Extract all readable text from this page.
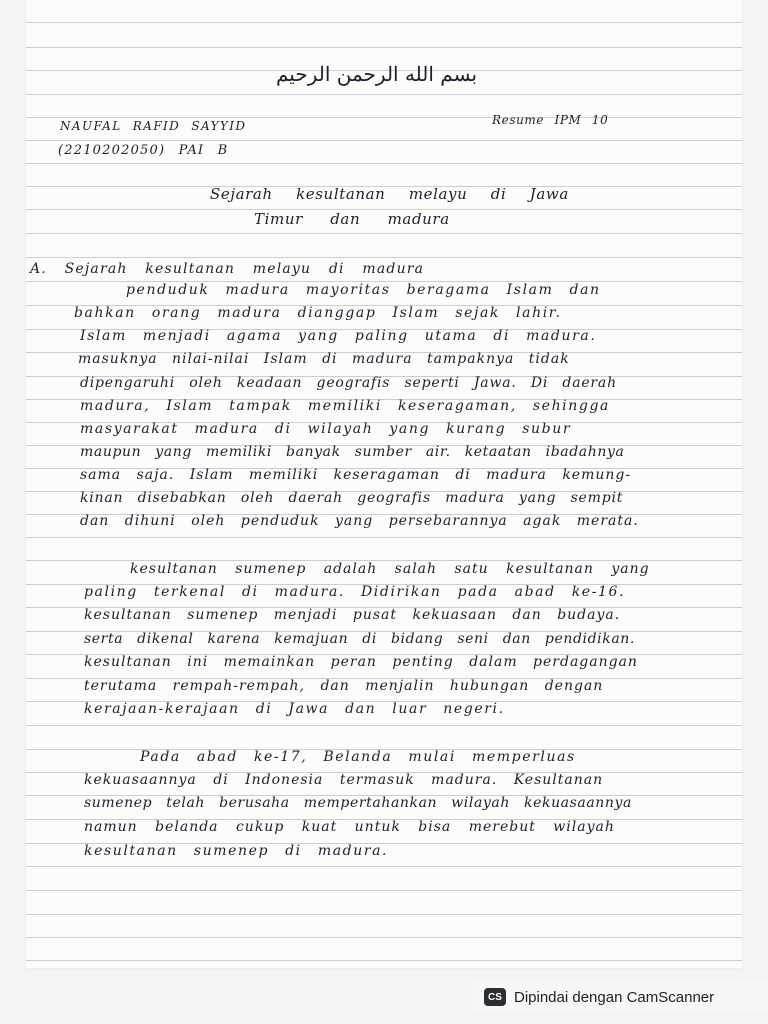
بسم الله الرحمن الرحيم
NAUFAL RAFID SAYYID	Resume IPM 10
(2210202050) PAI B
Sejarah kesultanan melayu di Jawa
Timur dan madura
A. Sejarah kesultanan melayu di madura
penduduk madura mayoritas beragama Islam dan
bahkan orang madura dianggap Islam sejak lahir.
Islam menjadi agama yang paling utama di madura.
masuknya nilai-nilai Islam di madura tampaknya tidak
dipengaruhi oleh keadaan geografis seperti Jawa. Di daerah
madura, Islam tampak memiliki keseragaman, sehingga
masyarakat madura di wilayah yang kurang subur
maupun yang memiliki banyak sumber air. ketaatan ibadahnya
sama saja. Islam memiliki keseragaman di madura kemung-
kinan disebabkan oleh daerah geografis madura yang sempit
dan dihuni oleh penduduk yang persebarannya agak merata.
kesultanan sumenep adalah salah satu kesultanan yang
paling terkenal di madura. Didirikan pada abad ke-16.
kesultanan sumenep menjadi pusat kekuasaan dan budaya.
serta dikenal karena kemajuan di bidang seni dan pendidikan.
kesultanan ini memainkan peran penting dalam perdagangan
terutama rempah-rempah, dan menjalin hubungan dengan
kerajaan-kerajaan di Jawa dan luar negeri.
Pada abad ke-17, Belanda mulai memperluas
kekuasaannya di Indonesia termasuk madura. Kesultanan
sumenep telah berusaha mempertahankan wilayah kekuasaannya
namun belanda cukup kuat untuk bisa merebut wilayah
kesultanan sumenep di madura.
CS Dipindai dengan CamScanner
